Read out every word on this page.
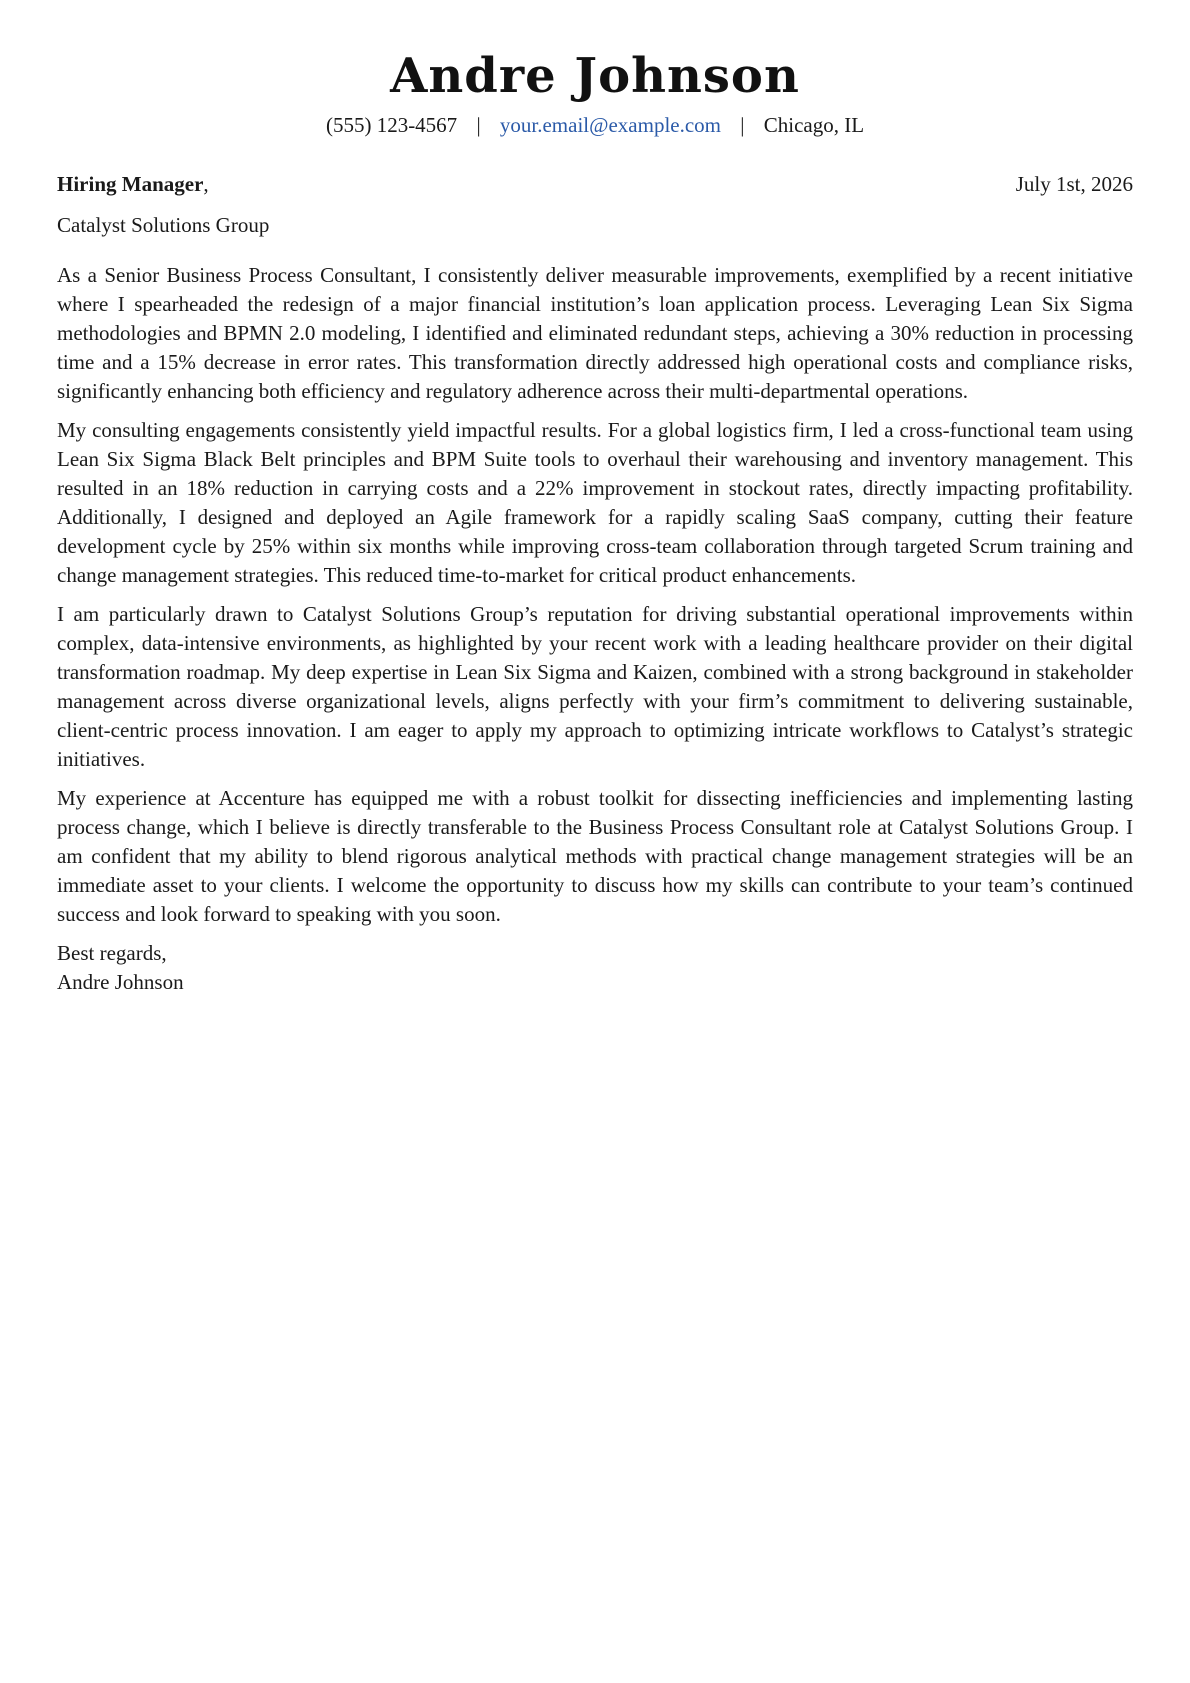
Andre Johnson
(555) 123-4567 | your.email@example.com | Chicago, IL
Hiring Manager,	July 1st, 2026
Catalyst Solutions Group

As a Senior Business Process Consultant, I consistently deliver measurable improvements, exemplified by a recent initiative where I spearheaded the redesign of a major financial institution’s loan application process. Leveraging Lean Six Sigma methodologies and BPMN 2.0 modeling, I identified and eliminated redundant steps, achieving a 30% reduction in processing time and a 15% decrease in error rates. This transformation directly addressed high operational costs and compliance risks, significantly enhancing both efficiency and regulatory adherence across their multi-departmental operations.

My consulting engagements consistently yield impactful results. For a global logistics firm, I led a cross-functional team using Lean Six Sigma Black Belt principles and BPM Suite tools to overhaul their warehousing and inventory management. This resulted in an 18% reduction in carrying costs and a 22% improvement in stockout rates, directly impacting profitability. Additionally, I designed and deployed an Agile framework for a rapidly scaling SaaS company, cutting their feature development cycle by 25% within six months while improving cross-team collaboration through targeted Scrum training and change management strategies. This reduced time-to-market for critical product enhancements.

I am particularly drawn to Catalyst Solutions Group’s reputation for driving substantial operational improvements within complex, data-intensive environments, as highlighted by your recent work with a leading healthcare provider on their digital transformation roadmap. My deep expertise in Lean Six Sigma and Kaizen, combined with a strong background in stakeholder management across diverse organizational levels, aligns perfectly with your firm’s commitment to delivering sustainable, client-centric process innovation. I am eager to apply my approach to optimizing intricate workflows to Catalyst’s strategic initiatives.

My experience at Accenture has equipped me with a robust toolkit for dissecting inefficiencies and implementing lasting process change, which I believe is directly transferable to the Business Process Consultant role at Catalyst Solutions Group. I am confident that my ability to blend rigorous analytical methods with practical change management strategies will be an immediate asset to your clients. I welcome the opportunity to discuss how my skills can contribute to your team’s continued success and look forward to speaking with you soon.

Best regards,
Andre Johnson
